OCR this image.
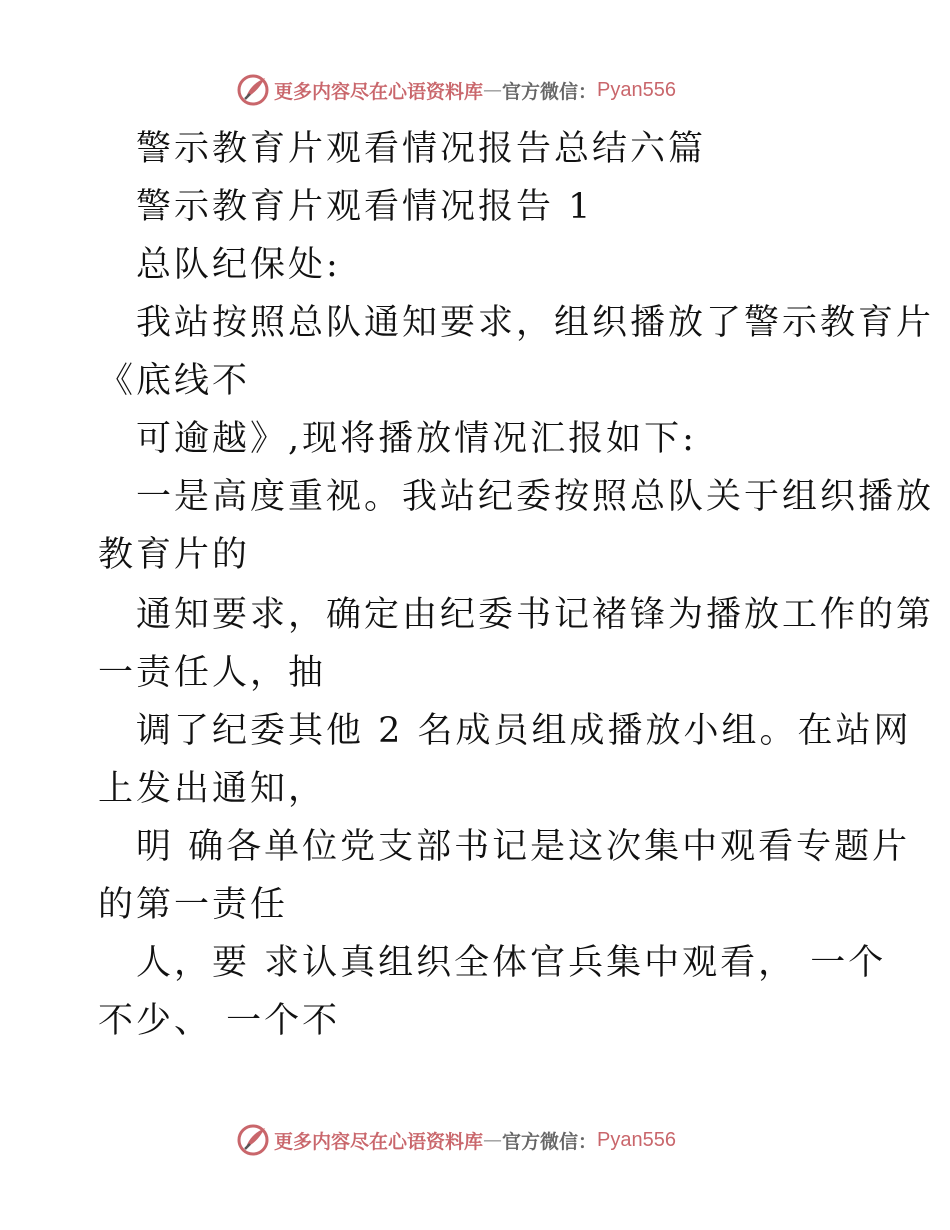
更多内容尽在心语资料库 — 官方微信： Pyan556

警示教育片观看情况报告总结六篇

警示教育片观看情况报告 1

总队纪保处:

我站按照总队通知要求，组织播放了警示教育片

《底线不

可逾越》,现将播放情况汇报如下:

一是高度重视。我站纪委按照总队关于组织播放

教育片的

通知要求，确定由纪委书记褚锋为播放工作的第

一责任人，抽

调了纪委其他 2 名成员组成播放小组。在站网

上发出通知，

明 确各单位党支部书记是这次集中观看专题片

的第一责任

人，要 求认真组织全体官兵集中观看， 一个

不少、 一个不

更多内容尽在心语资料库 — 官方微信： Pyan556
